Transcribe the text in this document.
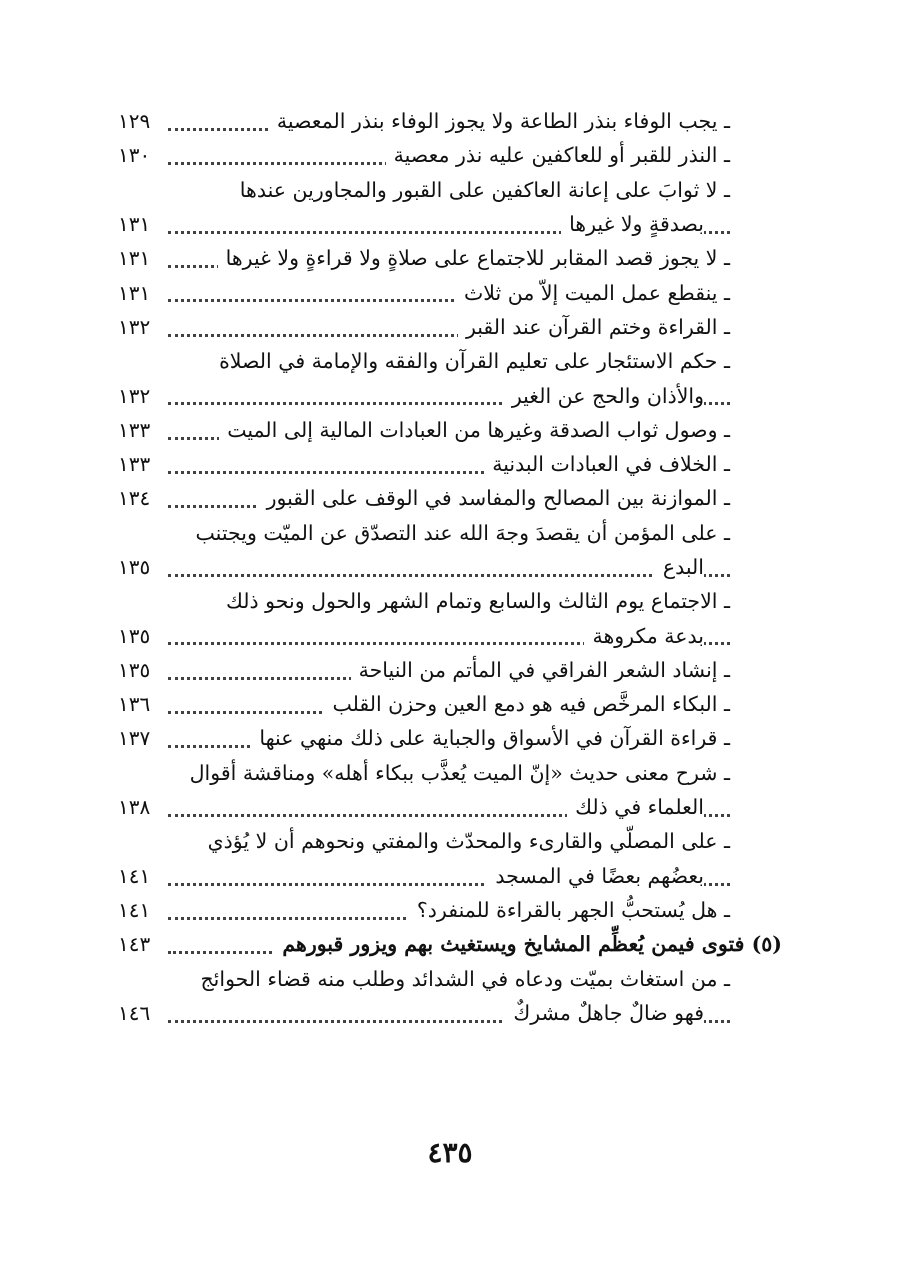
ـ يجب الوفاء بنذر الطاعة ولا يجوز الوفاء بنذر المعصية
١٢٩
ـ النذر للقبر أو للعاكفين عليه نذر معصية
١٣٠
ـ لا ثوابَ على إعانة العاكفين على القبور والمجاورين عندها
بصدقةٍ ولا غيرها
١٣١
ـ لا يجوز قصد المقابر للاجتماع على صلاةٍ ولا قراءةٍ ولا غيرها
١٣١
ـ ينقطع عمل الميت إلاّ من ثلاث
١٣١
ـ القراءة وختم القرآن عند القبر
١٣٢
ـ حكم الاستئجار على تعليم القرآن والفقه والإمامة في الصلاة
والأذان والحج عن الغير
١٣٢
ـ وصول ثواب الصدقة وغيرها من العبادات المالية إلى الميت
١٣٣
ـ الخلاف في العبادات البدنية
١٣٣
ـ الموازنة بين المصالح والمفاسد في الوقف على القبور
١٣٤
ـ على المؤمن أن يقصدَ وجهَ الله عند التصدّق عن الميّت ويجتنب
البدع
١٣٥
ـ الاجتماع يوم الثالث والسابع وتمام الشهر والحول ونحو ذلك
بدعة مكروهة
١٣٥
ـ إنشاد الشعر الفراقي في المأتم من النياحة
١٣٥
ـ البكاء المرخَّص فيه هو دمع العين وحزن القلب
١٣٦
ـ قراءة القرآن في الأسواق والجباية على ذلك منهي عنها
١٣٧
ـ شرح معنى حديث «إنّ الميت يُعذَّب ببكاء أهله» ومناقشة أقوال
العلماء في ذلك
١٣٨
ـ على المصلّي والقارىء والمحدّث والمفتي ونحوهم أن لا يُؤذي
بعضُهم بعضًا في المسجد
١٤١
ـ هل يُستحبُّ الجهر بالقراءة للمنفرد؟
١٤١
(٥) فتوى فيمن يُعظِّم المشايخ ويستغيث بهم ويزور قبورهم
١٤٣
ـ من استغاث بميّت ودعاه في الشدائد وطلب منه قضاء الحوائج
فهو ضالٌ جاهلٌ مشركٌ
١٤٦
٤٣٥
